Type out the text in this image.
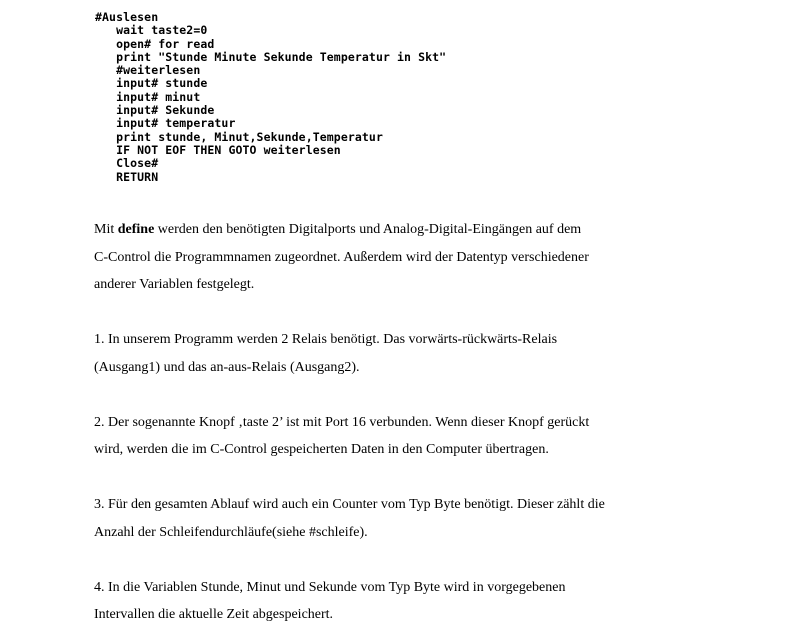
#Auslesen
wait taste2=0
open# for read
print "Stunde Minute Sekunde Temperatur in Skt"
#weiterlesen
input# stunde
input# minut
input# Sekunde
input# temperatur
print stunde, Minut,Sekunde,Temperatur
IF NOT EOF THEN GOTO weiterlesen
Close#
RETURN

Mit define werden den benötigten Digitalports und Analog-Digital-Eingängen auf dem
C-Control die Programmnamen zugeordnet. Außerdem wird der Datentyp verschiedener
anderer Variablen festgelegt.

1. In unserem Programm werden 2 Relais benötigt. Das vorwärts-rückwärts-Relais
(Ausgang1) und das an-aus-Relais (Ausgang2).

2. Der sogenannte Knopf ‚taste 2’ ist mit Port 16 verbunden. Wenn dieser Knopf gerückt
wird, werden die im C-Control gespeicherten Daten in den Computer übertragen.

3. Für den gesamten Ablauf wird auch ein Counter vom Typ Byte benötigt. Dieser zählt die
Anzahl der Schleifendurchläufe(siehe #schleife).

4. In die Variablen Stunde, Minut und Sekunde vom Typ Byte wird in vorgegebenen
Intervallen die aktuelle Zeit abgespeichert.
